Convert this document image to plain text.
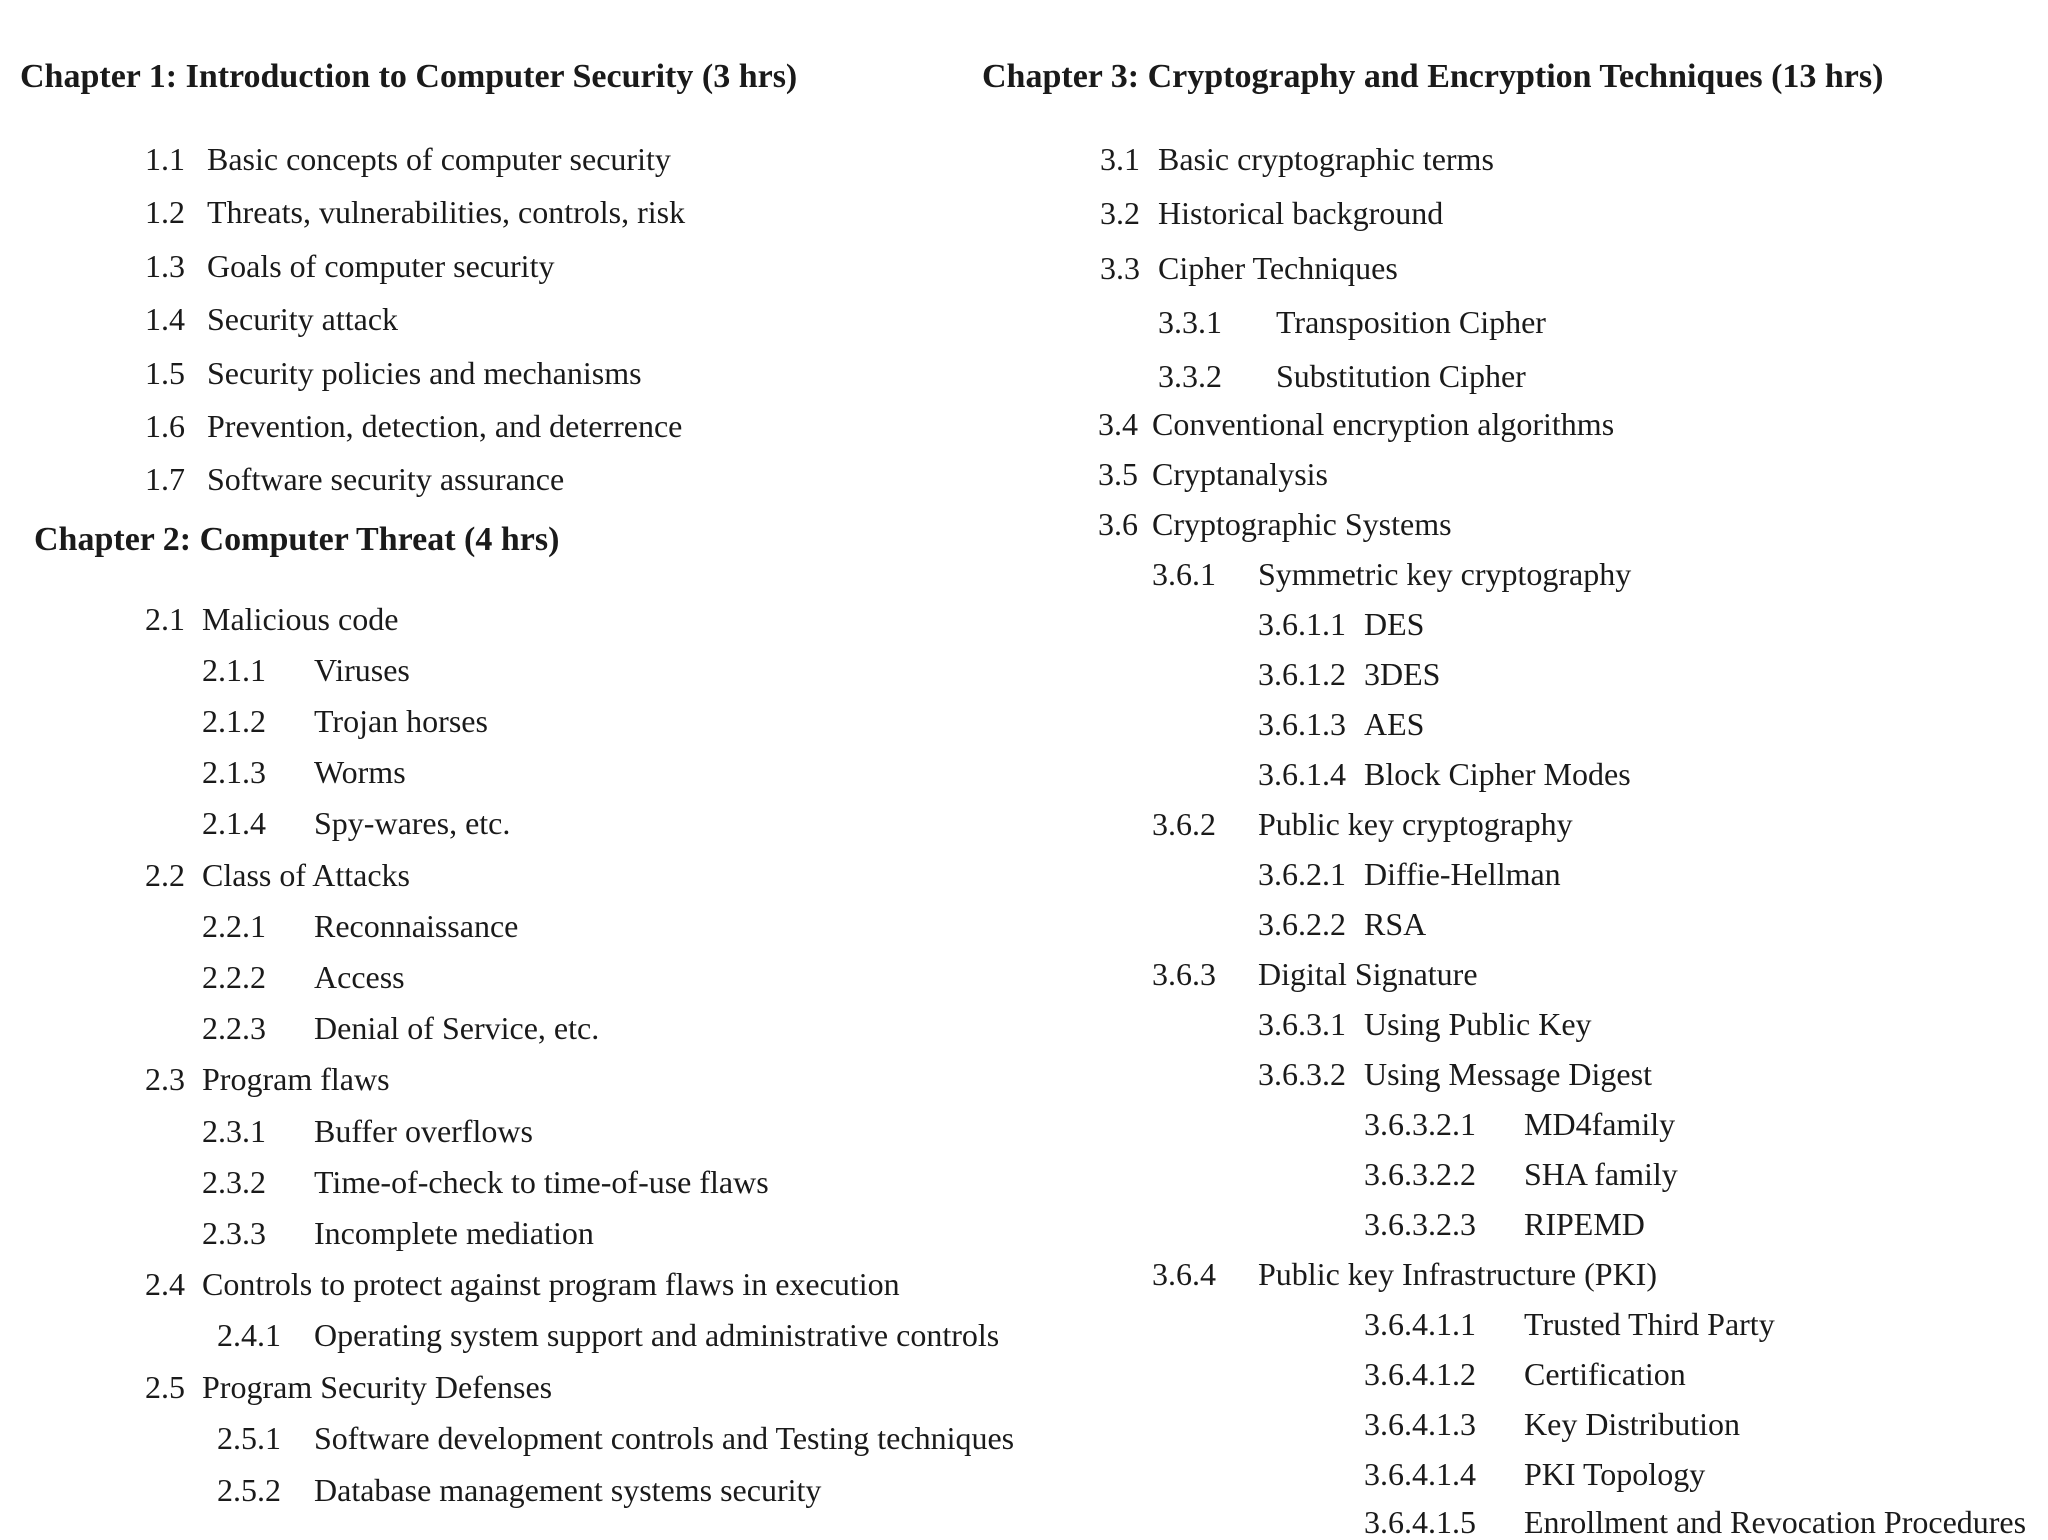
Chapter 1: Introduction to Computer Security (3 hrs)
Chapter 2: Computer Threat (4 hrs)
Chapter 3: Cryptography and Encryption Techniques (13 hrs)
1.1 Basic concepts of computer security
1.2 Threats, vulnerabilities, controls, risk
1.3 Goals of computer security
1.4 Security attack
1.5 Security policies and mechanisms
1.6 Prevention, detection, and deterrence
1.7 Software security assurance
2.1 Malicious code
2.1.1 Viruses
2.1.2 Trojan horses
2.1.3 Worms
2.1.4 Spy-wares, etc.
2.2 Class of Attacks
2.2.1 Reconnaissance
2.2.2 Access
2.2.3 Denial of Service, etc.
2.3 Program flaws
2.3.1 Buffer overflows
2.3.2 Time-of-check to time-of-use flaws
2.3.3 Incomplete mediation
2.4 Controls to protect against program flaws in execution
2.4.1 Operating system support and administrative controls
2.5 Program Security Defenses
2.5.1 Software development controls and Testing techniques
2.5.2 Database management systems security
3.1 Basic cryptographic terms
3.2 Historical background
3.3 Cipher Techniques
3.3.1 Transposition Cipher
3.3.2 Substitution Cipher
3.4 Conventional encryption algorithms
3.5 Cryptanalysis
3.6 Cryptographic Systems
3.6.1 Symmetric key cryptography
3.6.1.1 DES
3.6.1.2 3DES
3.6.1.3 AES
3.6.1.4 Block Cipher Modes
3.6.2 Public key cryptography
3.6.2.1 Diffie-Hellman
3.6.2.2 RSA
3.6.3 Digital Signature
3.6.3.1 Using Public Key
3.6.3.2 Using Message Digest
3.6.3.2.1 MD4family
3.6.3.2.2 SHA family
3.6.3.2.3 RIPEMD
3.6.4 Public key Infrastructure (PKI)
3.6.4.1.1 Trusted Third Party
3.6.4.1.2 Certification
3.6.4.1.3 Key Distribution
3.6.4.1.4 PKI Topology
3.6.4.1.5 Enrollment and Revocation Procedures
